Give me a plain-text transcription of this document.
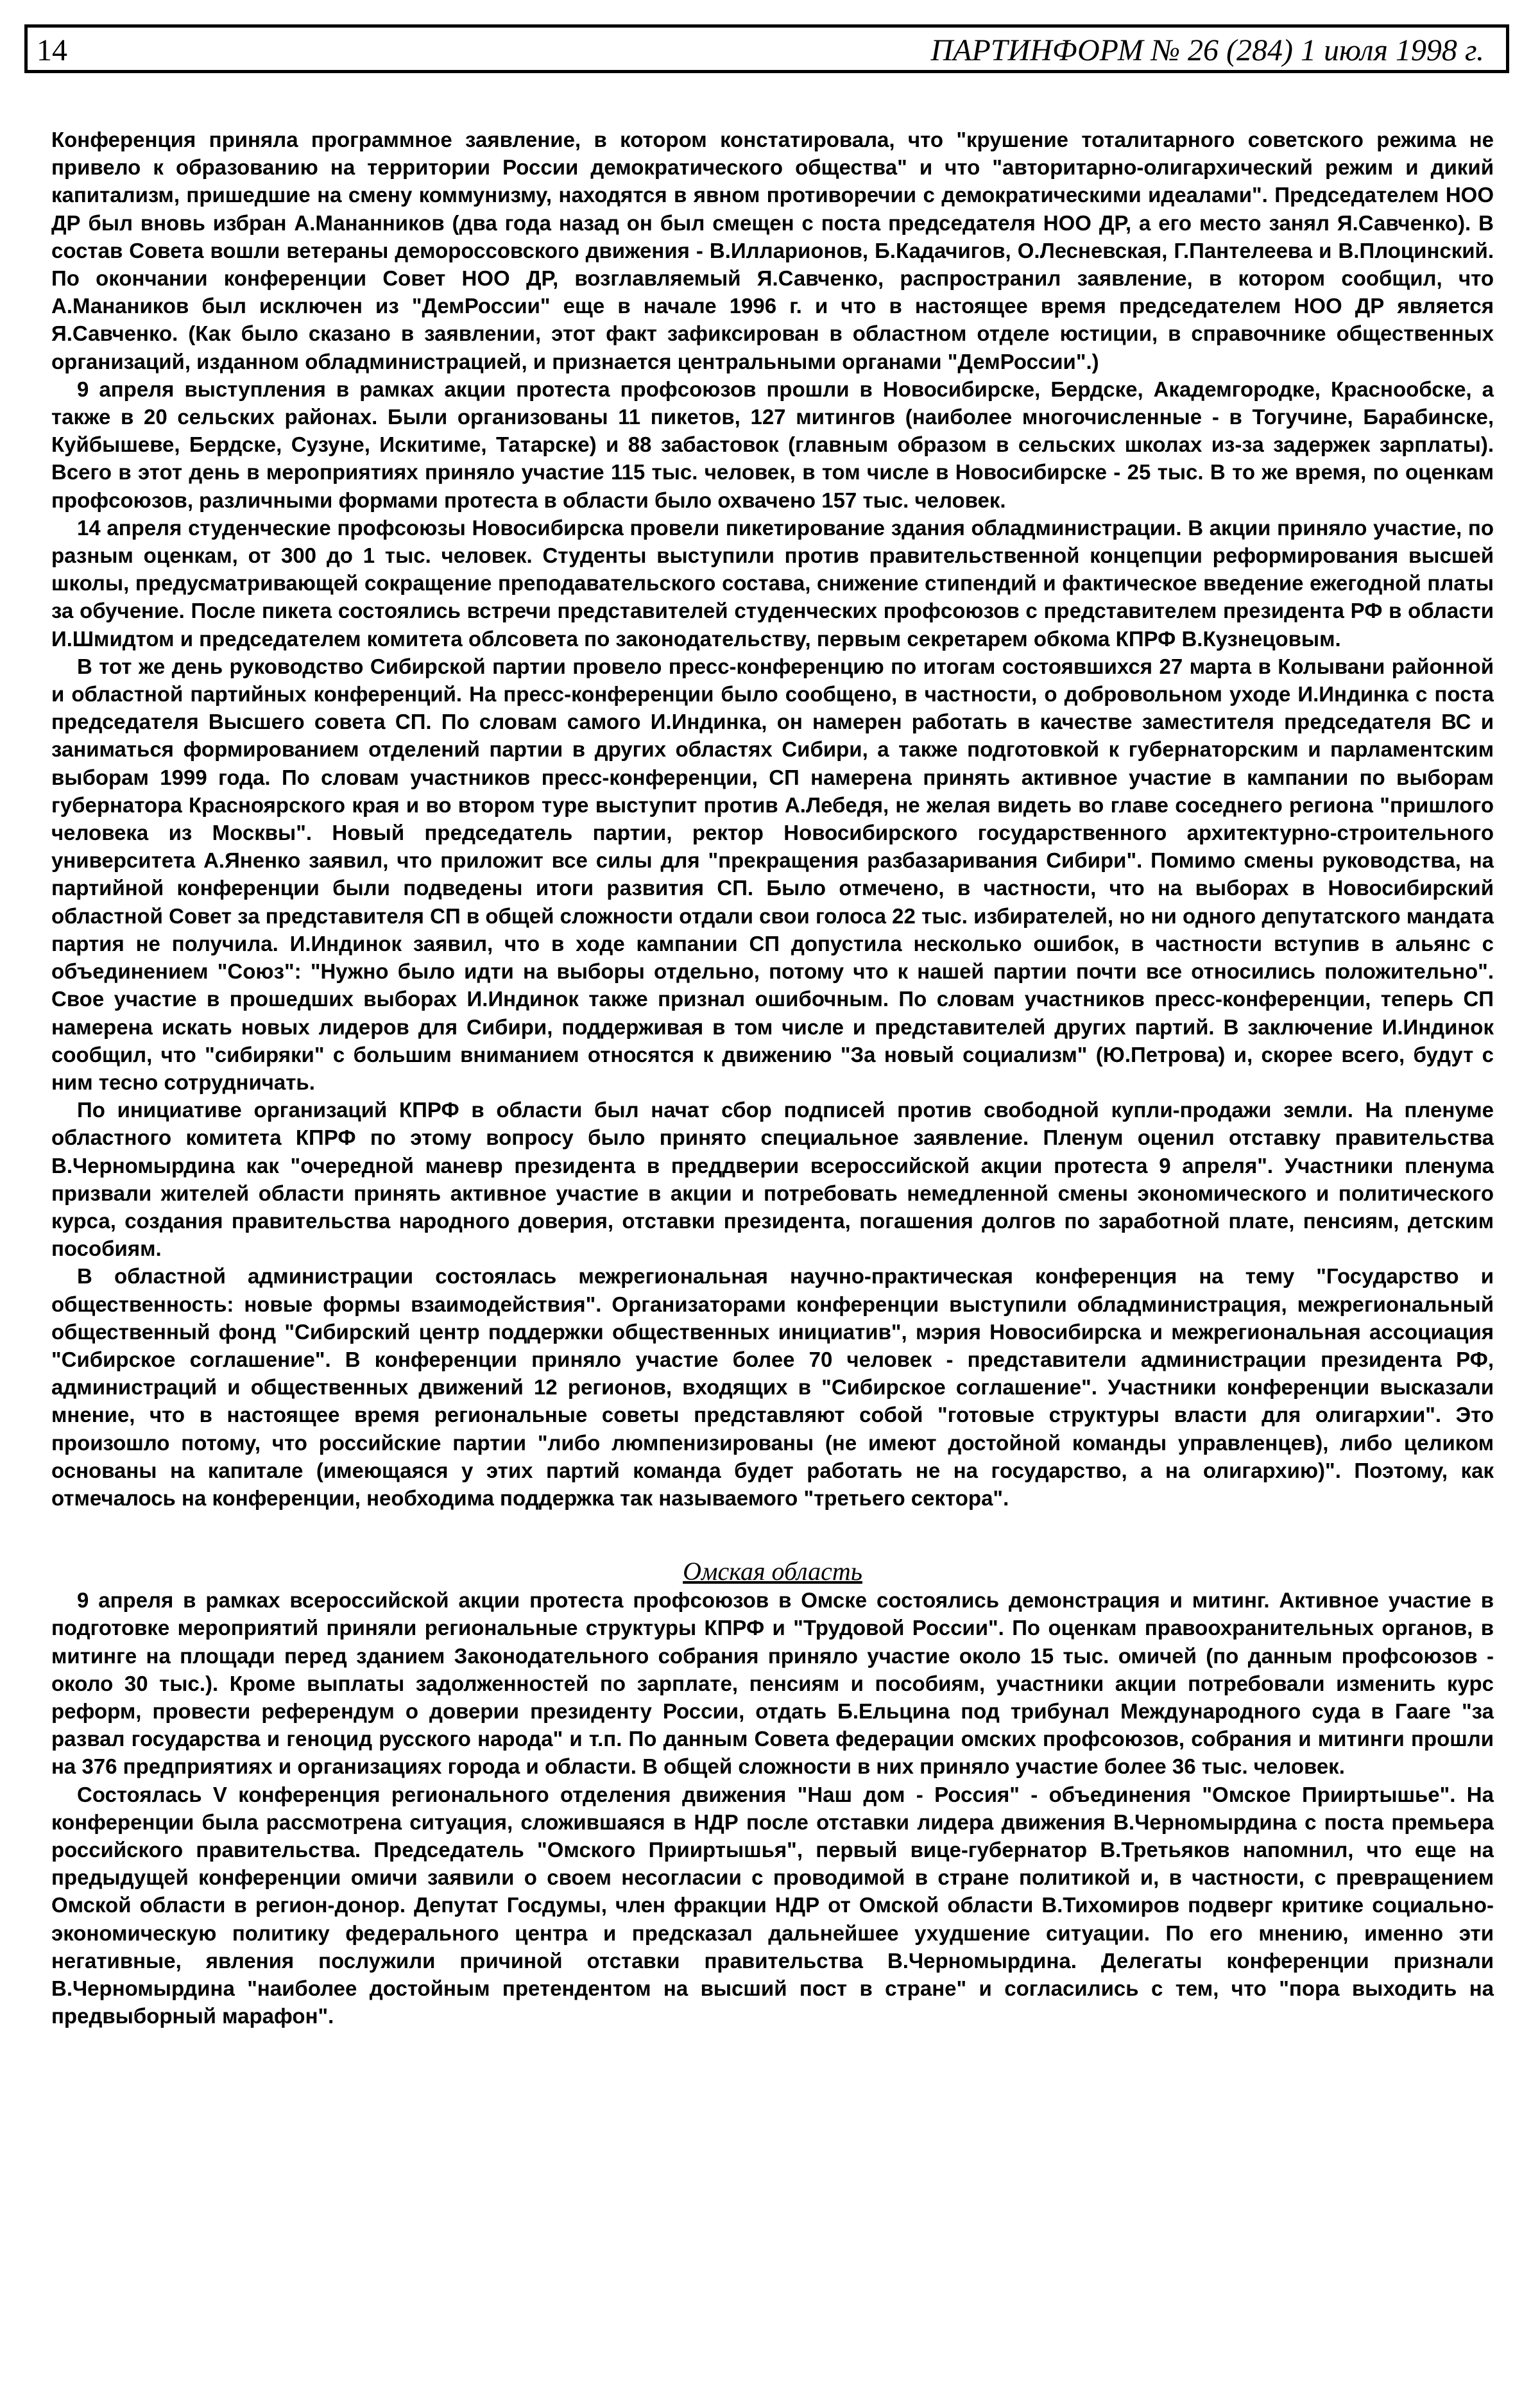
14	ПАРТИНФОРМ № 26 (284) 1 июля 1998 г.

Конференция приняла программное заявление, в котором констатировала, что "крушение тоталитарного советского режима не привело к образованию на территории России демократического общества" и что "авторитарно-олигархический режим и дикий капитализм, пришедшие на смену коммунизму, находятся в явном противоречии с демократическими идеалами". Председателем НОО ДР был вновь избран А.Мананников (два года назад он был смещен с поста председателя НОО ДР, а его место занял Я.Савченко). В состав Совета вошли ветераны демороссовского движения - В.Илларионов, Б.Кадачигов, О.Лесневская, Г.Пантелеева и В.Плоцинский. По окончании конференции Совет НОО ДР, возглавляемый Я.Савченко, распространил заявление, в котором сообщил, что А.Манаников был исключен из "ДемРоссии" еще в начале 1996 г. и что в настоящее время председателем НОО ДР является Я.Савченко. (Как было сказано в заявлении, этот факт зафиксирован в областном отделе юстиции, в справочнике общественных организаций, изданном обладминистрацией, и признается центральными органами "ДемРоссии".)

9 апреля выступления в рамках акции протеста профсоюзов прошли в Новосибирске, Бердске, Академгородке, Краснообске, а также в 20 сельских районах. Были организованы 11 пикетов, 127 митингов (наиболее многочисленные - в Тогучине, Барабинске, Куйбышеве, Бердске, Сузуне, Искитиме, Татарске) и 88 забастовок (главным образом в сельских школах из-за задержек зарплаты). Всего в этот день в мероприятиях приняло участие 115 тыс. человек, в том числе в Новосибирске - 25 тыс. В то же время, по оценкам профсоюзов, различными формами протеста в области было охвачено 157 тыс. человек.

14 апреля студенческие профсоюзы Новосибирска провели пикетирование здания обладминистрации. В акции приняло участие, по разным оценкам, от 300 до 1 тыс. человек. Студенты выступили против правительственной концепции реформирования высшей школы, предусматривающей сокращение преподавательского состава, снижение стипендий и фактическое введение ежегодной платы за обучение. После пикета состоялись встречи представителей студенческих профсоюзов с представителем президента РФ в области И.Шмидтом и председателем комитета облсовета по законодательству, первым секретарем обкома КПРФ В.Кузнецовым.

В тот же день руководство Сибирской партии провело пресс-конференцию по итогам состоявшихся 27 марта в Колывани районной и областной партийных конференций. На пресс-конференции было сообщено, в частности, о добровольном уходе И.Индинка с поста председателя Высшего совета СП. По словам самого И.Индинка, он намерен работать в качестве заместителя председателя ВС и заниматься формированием отделений партии в других областях Сибири, а также подготовкой к губернаторским и парламентским выборам 1999 года. По словам участников пресс-конференции, СП намерена принять активное участие в кампании по выборам губернатора Красноярского края и во втором туре выступит против А.Лебедя, не желая видеть во главе соседнего региона "пришлого человека из Москвы". Новый председатель партии, ректор Новосибирского государственного архитектурно-строительного университета А.Яненко заявил, что приложит все силы для "прекращения разбазаривания Сибири". Помимо смены руководства, на партийной конференции были подведены итоги развития СП. Было отмечено, в частности, что на выборах в Новосибирский областной Совет за представителя СП в общей сложности отдали свои голоса 22 тыс. избирателей, но ни одного депутатского мандата партия не получила. И.Индинок заявил, что в ходе кампании СП допустила несколько ошибок, в частности вступив в альянс с объединением "Союз": "Нужно было идти на выборы отдельно, потому что к нашей партии почти все относились положительно". Свое участие в прошедших выборах И.Индинок также признал ошибочным. По словам участников пресс-конференции, теперь СП намерена искать новых лидеров для Сибири, поддерживая в том числе и представителей других партий. В заключение И.Индинок сообщил, что "сибиряки" с большим вниманием относятся к движению "За новый социализм" (Ю.Петрова) и, скорее всего, будут с ним тесно сотрудничать.

По инициативе организаций КПРФ в области был начат сбор подписей против свободной купли-продажи земли. На пленуме областного комитета КПРФ по этому вопросу было принято специальное заявление. Пленум оценил отставку правительства В.Черномырдина как "очередной маневр президента в преддверии всероссийской акции протеста 9 апреля". Участники пленума призвали жителей области принять активное участие в акции и потребовать немедленной смены экономического и политического курса, создания правительства народного доверия, отставки президента, погашения долгов по заработной плате, пенсиям, детским пособиям.

В областной администрации состоялась межрегиональная научно-практическая конференция на тему "Государство и общественность: новые формы взаимодействия". Организаторами конференции выступили обладминистрация, межрегиональный общественный фонд "Сибирский центр поддержки общественных инициатив", мэрия Новосибирска и межрегиональная ассоциация "Сибирское соглашение". В конференции приняло участие более 70 человек - представители администрации президента РФ, администраций и общественных движений 12 регионов, входящих в "Сибирское соглашение". Участники конференции высказали мнение, что в настоящее время региональные советы представляют собой "готовые структуры власти для олигархии". Это произошло потому, что российские партии "либо люмпенизированы (не имеют достойной команды управленцев), либо целиком основаны на капитале (имеющаяся у этих партий команда будет работать не на государство, а на олигархию)". Поэтому, как отмечалось на конференции, необходима поддержка так называемого "третьего сектора".

Омская область

9 апреля в рамках всероссийской акции протеста профсоюзов в Омске состоялись демонстрация и митинг. Активное участие в подготовке мероприятий приняли региональные структуры КПРФ и "Трудовой России". По оценкам правоохранительных органов, в митинге на площади перед зданием Законодательного собрания приняло участие около 15 тыс. омичей (по данным профсоюзов - около 30 тыс.). Кроме выплаты задолженностей по зарплате, пенсиям и пособиям, участники акции потребовали изменить курс реформ, провести референдум о доверии президенту России, отдать Б.Ельцина под трибунал Международного суда в Гааге "за развал государства и геноцид русского народа" и т.п. По данным Совета федерации омских профсоюзов, собрания и митинги прошли на 376 предприятиях и организациях города и области. В общей сложности в них приняло участие более 36 тыс. человек.

Состоялась V конференция регионального отделения движения "Наш дом - Россия" - объединения "Омское Прииртышье". На конференции была рассмотрена ситуация, сложившаяся в НДР после отставки лидера движения В.Черномырдина с поста премьера российского правительства. Председатель "Омского Прииртышья", первый вице-губернатор В.Третьяков напомнил, что еще на предыдущей конференции омичи заявили о своем несогласии с проводимой в стране политикой и, в частности, с превращением Омской области в регион-донор. Депутат Госдумы, член фракции НДР от Омской области В.Тихомиров подверг критике социально-экономическую политику федерального центра и предсказал дальнейшее ухудшение ситуации. По его мнению, именно эти негативные, явления послужили причиной отставки правительства В.Черномырдина. Делегаты конференции признали В.Черномырдина "наиболее достойным претендентом на высший пост в стране" и согласились с тем, что "пора выходить на предвыборный марафон".
